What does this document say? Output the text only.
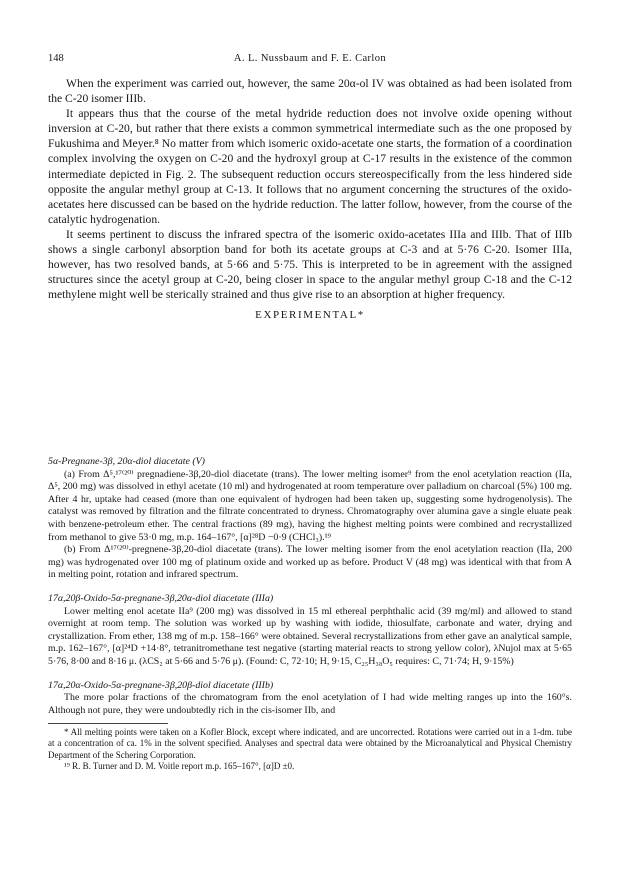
148	A. L. Nussbaum and F. E. Carlon

When the experiment was carried out, however, the same 20α-ol IV was obtained as had been isolated from the C-20 isomer IIIb.

It appears thus that the course of the metal hydride reduction does not involve oxide opening without inversion at C-20, but rather that there exists a common symmetrical intermediate such as the one proposed by Fukushima and Meyer.⁸ No matter from which isomeric oxido-acetate one starts, the formation of a coordination complex involving the oxygen on C-20 and the hydroxyl group at C-17 results in the existence of the common intermediate depicted in Fig. 2. The subsequent reduction occurs stereospecifically from the less hindered side opposite the angular methyl group at C-13. It follows that no argument concerning the structures of the oxido-acetates here discussed can be based on the hydride reduction. The latter follow, however, from the course of the catalytic hydrogenation.

It seems pertinent to discuss the infrared spectra of the isomeric oxido-acetates IIIa and IIIb. That of IIIb shows a single carbonyl absorption band for both its acetate groups at C-3 and at 5·76 C-20. Isomer IIIa, however, has two resolved bands, at 5·66 and 5·75. This is interpreted to be in agreement with the assigned structures since the acetyl group at C-20, being closer in space to the angular methyl group C-18 and the C-12 methylene might well be sterically strained and thus give rise to an absorption at higher frequency.

EXPERIMENTAL*

5α-Pregnane-3β, 20α-diol diacetate (V)

(a) From Δ⁵,¹⁷⁽²⁰⁾ pregnadiene-3β,20-diol diacetate (trans). The lower melting isomer⁹ from the enol acetylation reaction (IIa, Δ⁵, 200 mg) was dissolved in ethyl acetate (10 ml) and hydrogenated at room temperature over palladium on charcoal (5%) 100 mg. After 4 hr, uptake had ceased (more than one equivalent of hydrogen had been taken up, suggesting some hydrogenolysis). The catalyst was removed by filtration and the filtrate concentrated to dryness. Chromatography over alumina gave a single eluate peak with benzene-petroleum ether. The central fractions (89 mg), having the highest melting points were combined and recrystallized from methanol to give 53·0 mg, m.p. 164–167°, [α]²⁸D −0·9 (CHCl₃).¹⁹

(b) From Δ¹⁷⁽²⁰⁾-pregnene-3β,20-diol diacetate (trans). The lower melting isomer from the enol acetylation reaction (IIa, 200 mg) was hydrogenated over 100 mg of platinum oxide and worked up as before. Product V (48 mg) was identical with that from A in melting point, rotation and infrared spectrum.

17α,20β-Oxido-5α-pregnane-3β,20α-diol diacetate (IIIa)

Lower melting enol acetate IIa⁹ (200 mg) was dissolved in 15 ml ethereal perphthalic acid (39 mg/ml) and allowed to stand overnight at room temp. The solution was worked up by washing with iodide, thiosulfate, carbonate and water, drying and crystallization. From ether, 138 mg of m.p. 158–166° were obtained. Several recrystallizations from ether gave an analytical sample, m.p. 162–167°, [α]²⁴D +14·8°, tetranitromethane test negative (starting material reacts to strong yellow color), λNujol max at 5·65 5·76, 8·00 and 8·16 μ. (λCS₂ at 5·66 and 5·76 μ). (Found: C, 72·10; H, 9·15, C₂₅H₃₈O₅ requires: C, 71·74; H, 9·15%)

17α,20α-Oxido-5α-pregnane-3β,20β-diol diacetate (IIIb)

The more polar fractions of the chromatogram from the enol acetylation of I had wide melting ranges up into the 160°s. Although not pure, they were undoubtedly rich in the cis-isomer IIb, and

* All melting points were taken on a Kofler Block, except where indicated, and are uncorrected. Rotations were carried out in a 1-dm. tube at a concentration of ca. 1% in the solvent specified. Analyses and spectral data were obtained by the Microanalytical and Physical Chemistry Department of the Schering Corporation.

¹⁹ R. B. Turner and D. M. Voitle report m.p. 165–167°, [α]D ±0.
